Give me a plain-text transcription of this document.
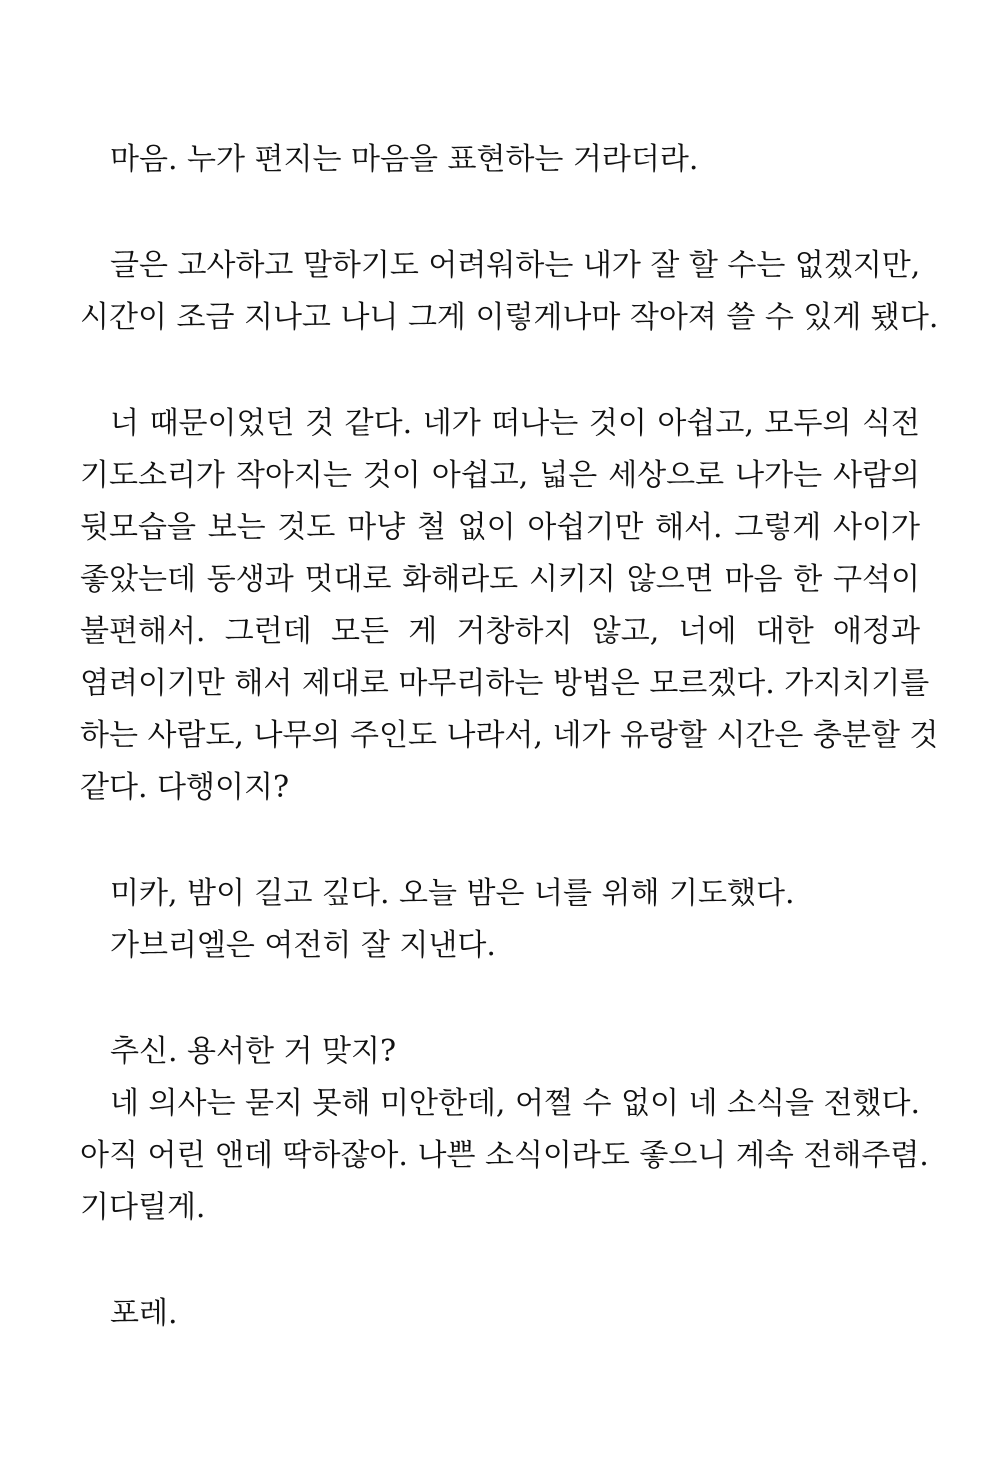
마음. 누가 편지는 마음을 표현하는 거라더라.
글은 고사하고 말하기도 어려워하는 내가 잘 할 수는 없겠지만,
시간이 조금 지나고 나니 그게 이렇게나마 작아져 쓸 수 있게 됐다.
너 때문이었던 것 같다. 네가 떠나는 것이 아쉽고, 모두의 식전
기도소리가 작아지는 것이 아쉽고, 넓은 세상으로 나가는 사람의
뒷모습을 보는 것도 마냥 철 없이 아쉽기만 해서. 그렇게 사이가
좋았는데 동생과 멋대로 화해라도 시키지 않으면 마음 한 구석이
불편해서. 그런데 모든 게 거창하지 않고, 너에 대한 애정과
염려이기만 해서 제대로 마무리하는 방법은 모르겠다. 가지치기를
하는 사람도, 나무의 주인도 나라서, 네가 유랑할 시간은 충분할 것
같다. 다행이지?
미카, 밤이 길고 깊다. 오늘 밤은 너를 위해 기도했다.
가브리엘은 여전히 잘 지낸다.
추신. 용서한 거 맞지?
네 의사는 묻지 못해 미안한데, 어쩔 수 없이 네 소식을 전했다.
아직 어린 앤데 딱하잖아. 나쁜 소식이라도 좋으니 계속 전해주렴.
기다릴게.
포레.
